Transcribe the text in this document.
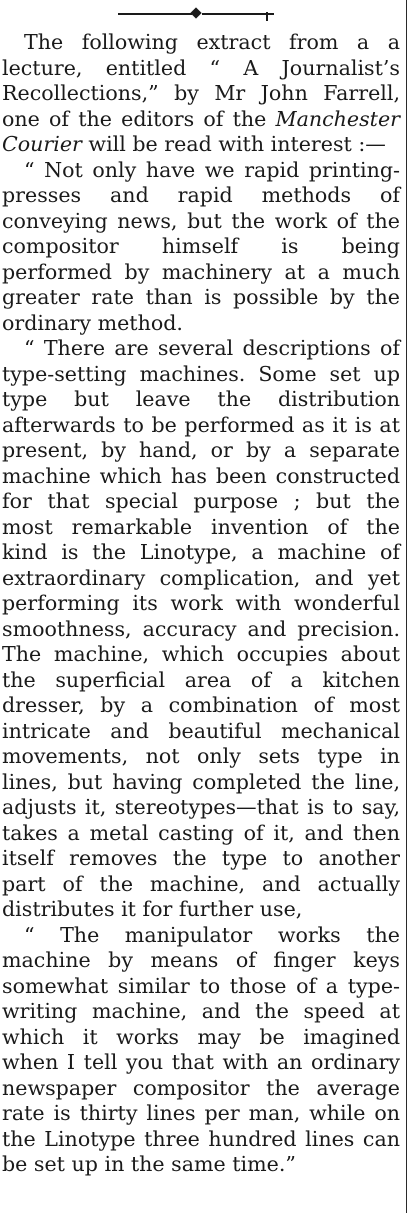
The following extract from a a lecture, entitled “ A Journalist’s Recollections,” by Mr John Farrell, one of the editors of the Manchester Courier will be read with interest :—

“ Not only have we rapid printing-presses and rapid methods of conveying news, but the work of the compositor himself is being performed by machinery at a much greater rate than is possible by the ordinary method.

“ There are several descriptions of type-setting machines. Some set up type but leave the distribution afterwards to be performed as it is at present, by hand, or by a separate machine which has been constructed for that special purpose ; but the most remarkable invention of the kind is the Linotype, a machine of extraordinary complication, and yet performing its work with wonderful smoothness, accuracy and precision. The machine, which occupies about the superficial area of a kitchen dresser, by a combination of most intricate and beautiful mechanical movements, not only sets type in lines, but having completed the line, adjusts it, stereotypes—that is to say, takes a metal casting of it, and then itself removes the type to another part of the machine, and actually distributes it for further use,

“ The manipulator works the machine by means of finger keys somewhat similar to those of a type-writing machine, and the speed at which it works may be imagined when I tell you that with an ordinary newspaper compositor the average rate is thirty lines per man, while on the Linotype three hundred lines can be set up in the same time.”
